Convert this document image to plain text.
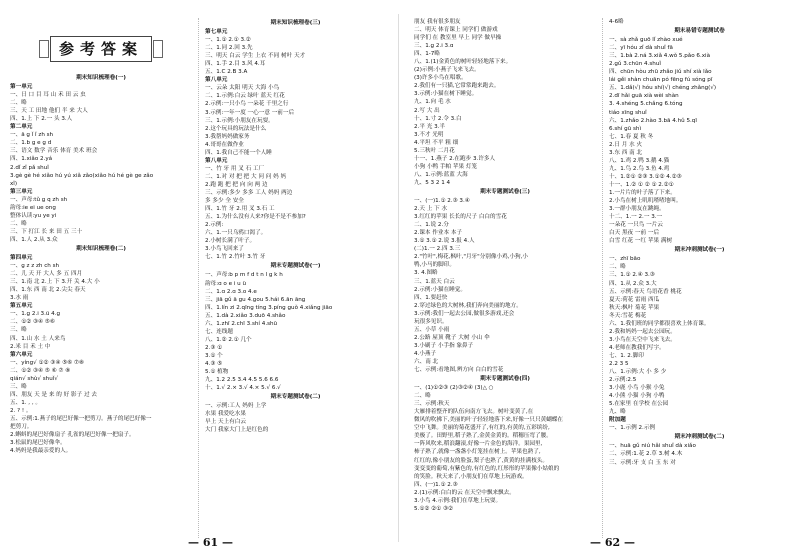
参考答案
期末知识梳理卷(一)
第一单元
一、日 口 目 耳 山 禾 田 云 虫
二、略
三、天 工 田地 他们 半 来 大人
四、1.上 下 2.一 头 3.人
第二单元
一、ā ɡ ǐ ǐ zh sh
二、1.b ɡ e ɡ d
三、语文 数学 音乐 体育 美术 班会
四、1.xiǎo 2.yá
2.dǐ zǐ pǎ shuǐ
3.gè gè hé xiǎo hú yú xiǎ zǎo(xiǎo hú hé gè ge zǎo
xǐ)
第三单元
一、声母:tǔ ɡ q zh sh
韵母:ie ei ue ong
整体认读:yu ye yi
二、略
三、下 打江 长 来 田 五 三十
四、1.人 2.从 3.众
期末知识梳理卷(二)
第四单元
一、ɡ z z zh ch sh
二、儿 天 开 大人 多 五 四月
三、1.南 北 2.上 下 3.开 关 4.大 小
四、1.东 西 南 北 2.尖尖 春天
3.水 雨
第五单元
一、1.ɡ 2.i 3.ü 4.ɡ
二、①② ③④ ⑤⑥
三、略
四、1.山 水 土 人来鸟
2.米 目 禾 土 中
第六单元
一、yíng√ ①② ③④ ⑤⑥ ⑦⑧
二、①② ③④ ⑤ ⑥ ⑦ ⑧
qián√ shù√ shuǐ√
三、略
四、朋友 天 是 来 的 好 影子 过 去
五、1. , , 。
2. ? ! 。
五、示例:1.燕子的尾巴好像一把剪刀。燕子的尾巴好像一
把剪刀。
2.蝌蚪的尾巴好像扇子 孔雀的尾巴好像一把扇子。
3.松鼠的尾巴好像伞。
4.妈妈是我最亲爱的人。
期末知识梳理卷(三)
第七单元
一、1.① 2.① 3.②
二、1.同 2.回 3.先
三、明天 白云 学生 上衣 不同 树叶 天才
四、1.手 2.目 3.风 4.耳
五、1.C 2.B 3.A
第八单元
一、云朵 太阳 明天 大海 小鸟
二、1.示例:白云 绿叶 蓝天 红花
2.示例:一只小鸟 一朵花 千里之行
3.示例:一年一度 一心一意 一前一后
三、1.示例:小朋友在玩耍。
2.这个玩具的玩法是什么
3.我帮妈妈做家务
4.哥哥在做作业
四、1.我自己不能一个人睡
第八单元
一、竹 牙 用 叉 石 工厂
二、1.对 对 把 把 大 问 问 妈 妈
2.跑 跑 把 把 向 向 两 边
三、示例:多少 多多 工人 妈妈 两边
多 多少 全 安全
四、1.竹 牙 2.用 叉 3.石 工
五、1.为什么没有人来?你是不是不参加?
2.示例:
六、1.一只乌鸦口渴了。
2.小树长满了叶子。
3.小鸟飞回来了
七、1.竹 2.竹叶 3.竹 牙
期末专题测试卷(一)
一、声母:b p m f d t n l ɡ k h
韵母:ɑ o e i u ü
二、1.ɑ 2.ɑ 3.o 4.e
三、jiā ɡǔ ā ɡu 4.ɡou 5.hái 6.ān ānɡ
四、1.lín zi 2.qīnɡ tínɡ 3.pínɡ ɡuǒ 4.xiǎnɡ jiāo
五、1.dà 2.xiǎo 3.duō 4.shǎo
六、1.zhī 2.chī 3.shí 4.shū
七、连线题
八、1.② 2.① 几个
2.③ ①
3.① 个
4.③ ⑤
5.① 植物
九、1.2 2.5 3.4 4.5 5.6 6.6
十、1.√ 2.× 3.√ 4.× 5.√ 6.√
期末专题测试卷(二)
一、示例:工人 妈妈 上学
水果 我爱吃水果
早上 天上有白云
大门 我家大门上是红色的
朋友 我有很多朋友
二、明天 体育课上 同学们 做游戏
同学们 在 教室里 早上 同学 做早操
三、1.ɡ 2.i 3.ɑ
四、1-7略
八、1.(1)金黄色的树叶轻轻地落下来。
(2)示例:小燕子飞来飞去。
(3)许多小鸟在唱歌。
2.我们有一只猫,它常常跑来跑去。
3.示例:小猫在树下睡觉。
九、1.向 毛 水
2.写 大 出
十、1.寸 2.令 3.白
2.平 光 3.半
3.不才 光明
4.平坦 不平 粗 细
5.三秋叶 二月花
十一、1.燕子 2.在跑步 3.许多人
小狗 小鸭 手帕 苹果 灯笼
八、1.示例:蓝蓝 大海
九、5 3 2 1 4
期末专题测试卷(三)
一、(一)1.① 2.③ 3.④
2.天 上 下 水
3.红红的苹果 长长的尺子 白白的雪花
二、1.说 2.分
2.课本 作业本 本子
3.① 3.① 2.说 3.报 4.人
(二)1.一 2.四 3.三
2."竹叶",梅花,枫叶,"月牙"分别像小鸡,小狗,小
鸭,小马的脚印。
3. 4.图略
三、1.蓝天 白云
2.示例:小猫在睡觉。
四、1.要赶快
2.穿过绿色的大树林,我们奔向美丽的地方。
3.示例:我们一起去公园,做很多游戏,还会
玩很多见识。
五、小草 小雨
2.公路 屋顶 靴子 大树 小山 伞
3.小刷子 小手指 象鼻子
4.小燕子
六、南 北
七、示例:看地图,辨方向 白白的雪花
期末专题测试卷(四)
一、(1)①②③ (2)③②④ (3)△ ○
二、略
三、示例:秋天
大雁排着整齐的队伍向南方飞去。树叶变黄了,在
微风的吹拂下,美丽的叶子轻轻地落下来,好像一只只黄蝴蝶在
空中飞舞。美丽的菊花盛开了,有红的,有黄的,五彩缤纷,
美极了。田野里,稻子熟了,金黄金黄的。稻穗压弯了腰。
一阵风吹来,稻浪翻滚,好像一片金色的海洋。果园里,
柿子熟了,就像一盏盏小灯笼挂在树上。苹果也熟了,
红红的,像小朋友的脸蛋,梨子也熟了,黄黄的挂满枝头。
变变变的葡萄,有紫色的,有红色的,红彤彤的苹果像小姑娘的
的笑脸。秋天来了,小朋友们在草地上玩游戏。
四、(一)1.① 2.③
2.(1)示例:白白的云 在天空中飘来飘去。
3.小鸟 4.示例:我们在草地上玩耍。
5.①② ②① ③②
4-6略
期末易错专题测试卷
一、sà zhǎ ɡuō lǐ zhào xué
二、yī hóu zǐ dà shuǐ fā
三、1.bà 2.ná 3.xiǎ 4.wǒ 5.pǎo 6.xià
2.ɡǔ 3.chūn 4.shuǐ
四、chūn hòu zhū zhǎo jiǔ shí xià lǎo
lái ɡěi shàn chuān pó fēnɡ fú sónɡ pī
五、1.dǎ(√) hóu shí(√) chénɡ zhǎnɡ(√)
2.dī hǎi ɡuā xià wèi shàn
3. 4.shénɡ 5.chǎnɡ 6.tónɡ
tiáo xīnɡ shuǐ
六、1.zhǎo 2.hào 3.bā 4.hǔ 5.qī
6.shí ɡū shì
七、1.春 夏 秋 冬
2.日 月 水 火
3.东 西 南 北
八、1.鸡 2.鸭 3.鹅 4.猫
九、1.鸟 2.鸟 3.鱼 4.鸡
十、1.②① ②③ 3.①② 4.②③
十一、1.② ① ② ① 2.②①
1.一片片的叶子落了下来。
2.小鸟在树上叽叽喳喳地叫。
3.一群小朋友在跳绳。
十二、1.一 2.一 3.一
一朵花 一只鸟 一片云
白天 黑夜 一前 一后
白雪 红花 一红 苹果 满树
期末冲刺测试卷(一)
一、zhī bāo
二、略
三、1.① 2.④ 3.③
四、1.从 2.众 3.大
五、示例:春天 鸟语花香 桃花
夏天:荷花 雷雨 西瓜
秋天:枫叶 菊花 苹果
冬天:雪花 梅花
六、1.我们班的同学都很喜欢上体育课。
2.我和妈妈一起去公园玩。
3.小鸟在天空中飞来飞去。
4.老师在教我们写字。
七、1. 2.脚印
2.2 3 5
八、1.示例:大 小 多 少
2.示例:2.5
3.小鹿 小鸟 小猴 小兔
4.小熊 小猫 小狗 小鸭
5.在家里 在学校 在公园
九、略
附加题
一、1.示例 2.示例
期末冲刺测试卷(二)
一、huā ɡǔ niú hǎi shuǐ dà xiǎo
二、示例:1.花 2.草 3.树 4.木
三、示例:牙 支 白 玉 东 对
— 61 —	— 62 —
